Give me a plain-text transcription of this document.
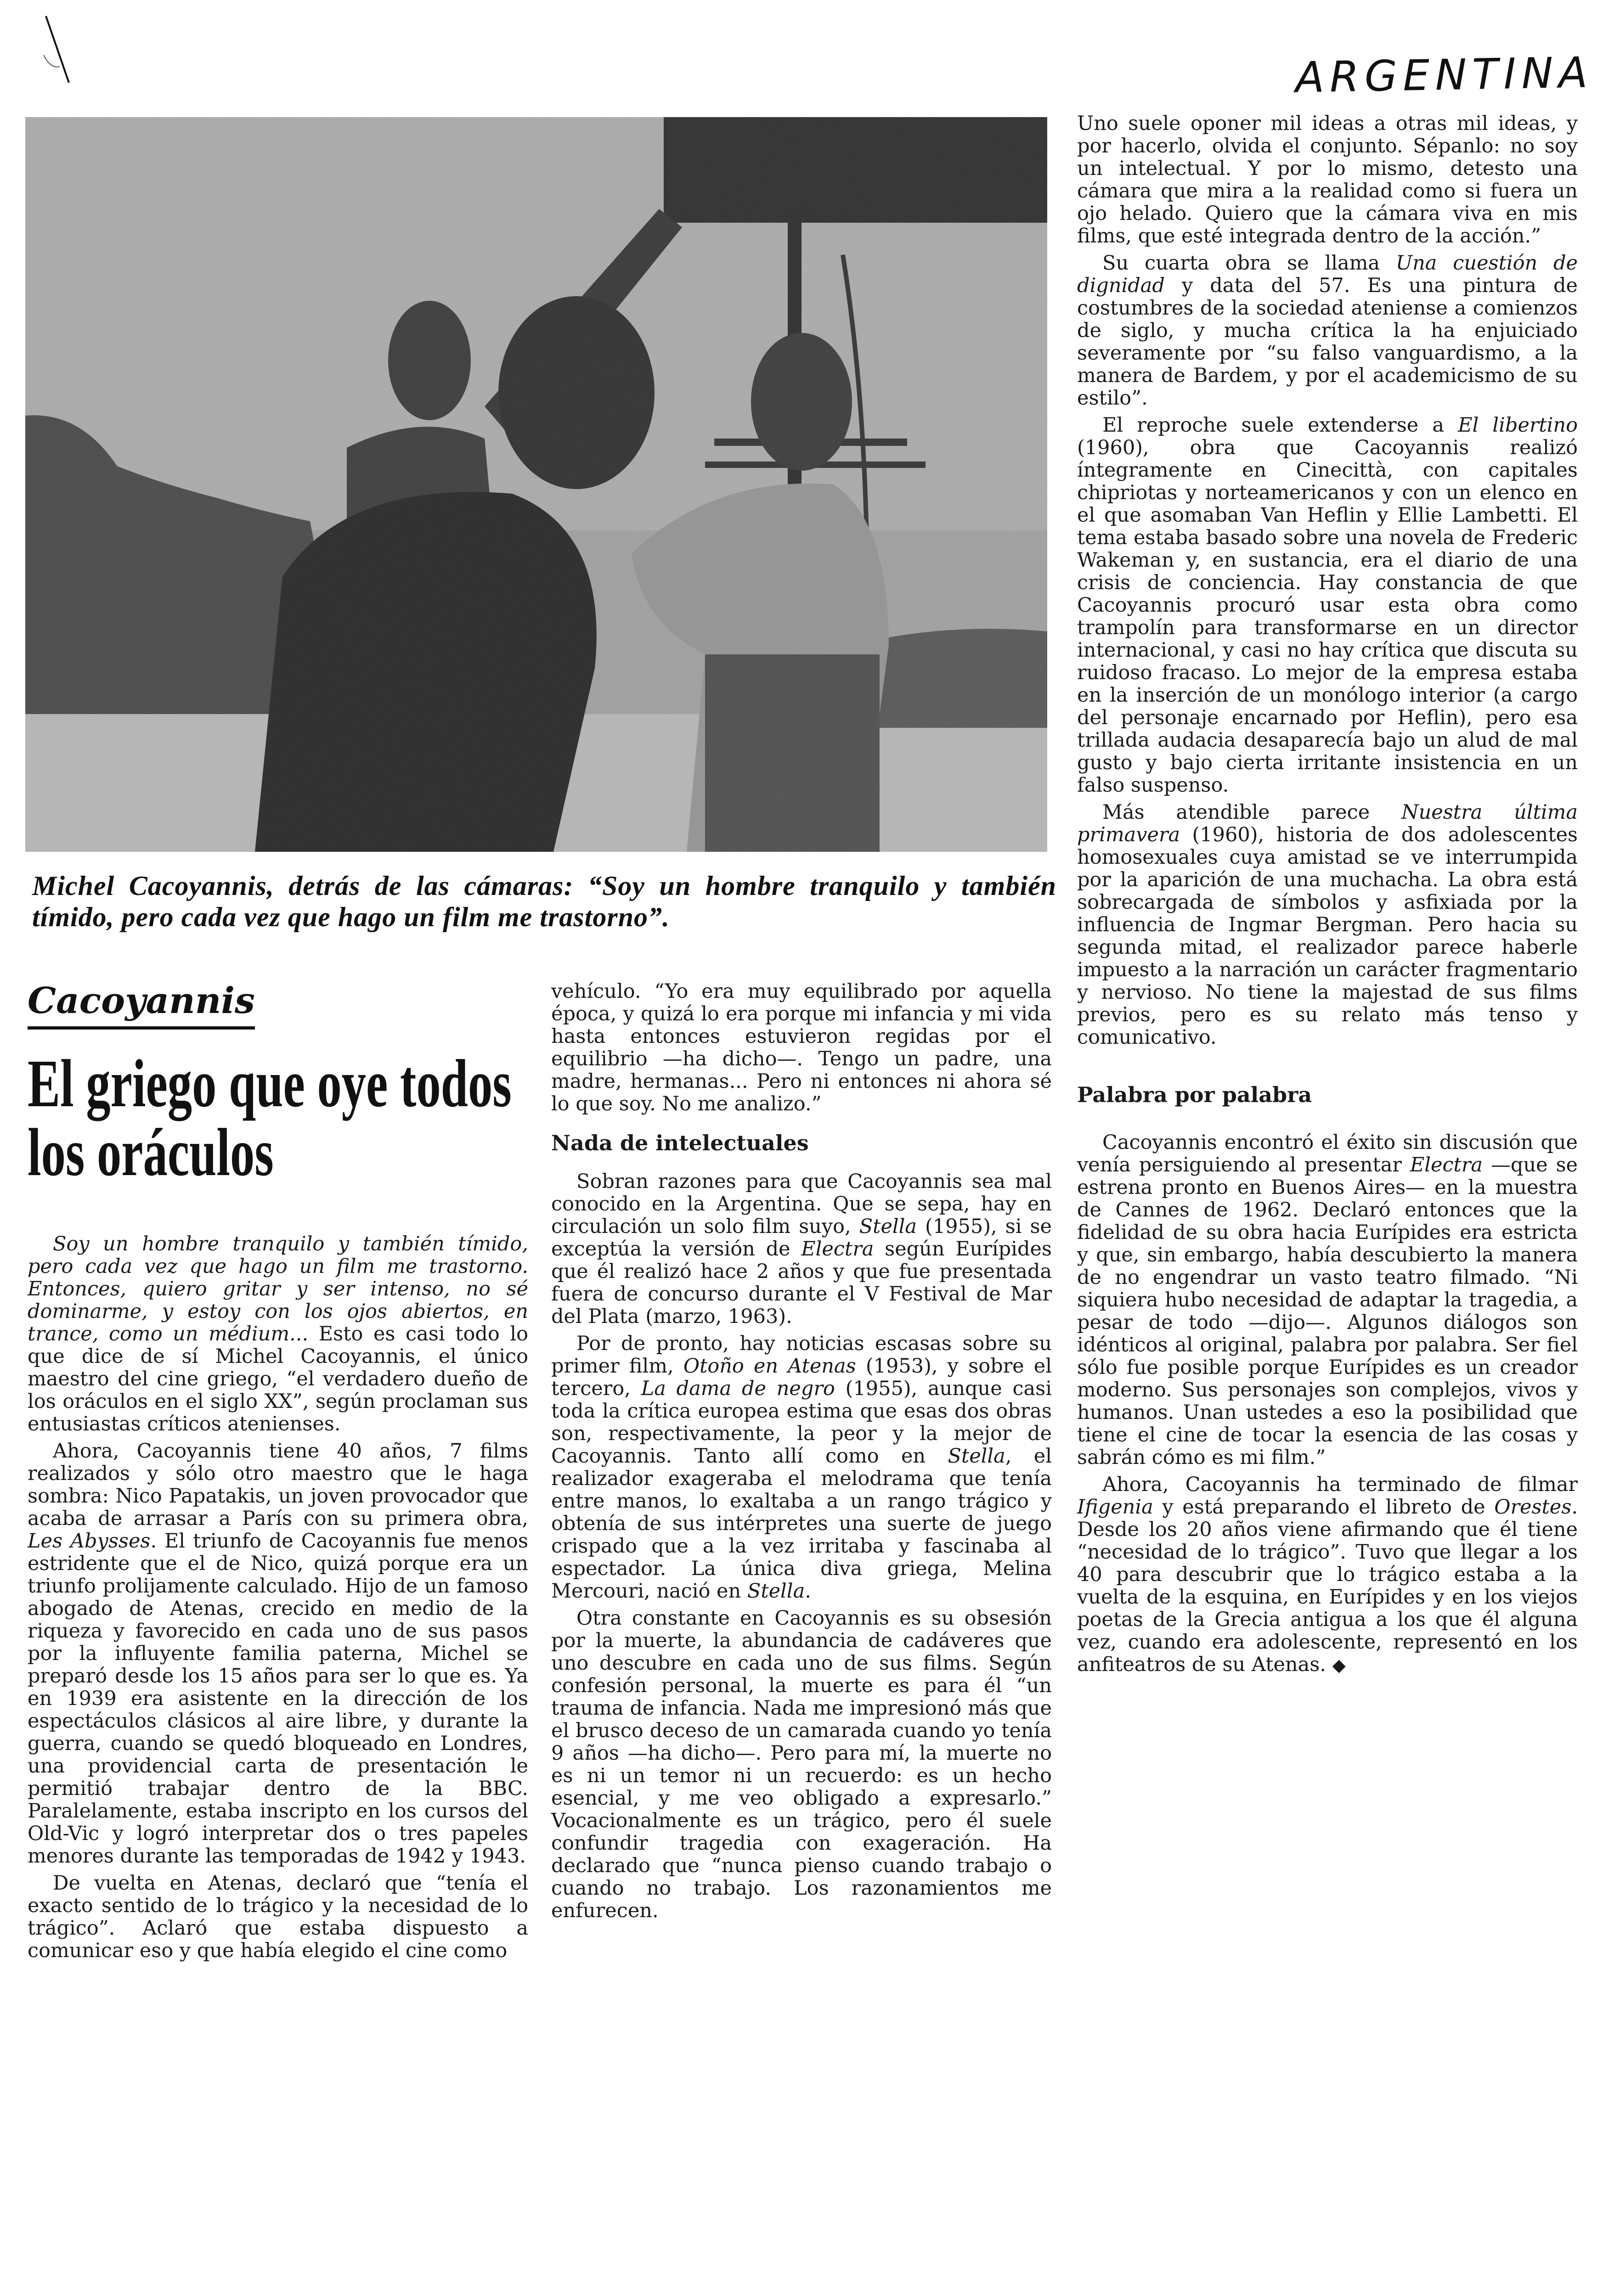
ARGENTINA
Michel Cacoyannis, detrás de las cámaras: “Soy un hombre tranquilo y también tímido, pero cada vez que hago un film me trastorno”.
Cacoyannis
El griego que oye todos los oráculos

Soy un hombre tranquilo y también tímido, pero cada vez que hago un film me trastorno. Entonces, quiero gritar y ser intenso, no sé dominarme, y estoy con los ojos abiertos, en trance, como un médium... Esto es casi todo lo que dice de sí Michel Cacoyannis, el único maestro del cine griego, “el verdadero dueño de los oráculos en el siglo XX”, según proclaman sus entusiastas críticos atenienses.

Ahora, Cacoyannis tiene 40 años, 7 films realizados y sólo otro maestro que le haga sombra: Nico Papatakis, un joven provocador que acaba de arrasar a París con su primera obra, Les Abysses. El triunfo de Cacoyannis fue menos estridente que el de Nico, quizá porque era un triunfo prolijamente calculado. Hijo de un famoso abogado de Atenas, crecido en medio de la riqueza y favorecido en cada uno de sus pasos por la influyente familia paterna, Michel se preparó desde los 15 años para ser lo que es. Ya en 1939 era asistente en la dirección de los espectáculos clásicos al aire libre, y durante la guerra, cuando se quedó bloqueado en Londres, una providencial carta de presentación le permitió trabajar dentro de la BBC. Paralelamente, estaba inscripto en los cursos del Old-Vic y logró interpretar dos o tres papeles menores durante las temporadas de 1942 y 1943.

De vuelta en Atenas, declaró que “tenía el exacto sentido de lo trágico y la necesidad de lo trágico”. Aclaró que estaba dispuesto a comunicar eso y que había elegido el cine como

vehículo. “Yo era muy equilibrado por aquella época, y quizá lo era porque mi infancia y mi vida hasta entonces estuvieron regidas por el equilibrio —ha dicho—. Tengo un padre, una madre, hermanas... Pero ni entonces ni ahora sé lo que soy. No me analizo.”

Nada de intelectuales

Sobran razones para que Cacoyannis sea mal conocido en la Argentina. Que se sepa, hay en circulación un solo film suyo, Stella (1955), si se exceptúa la versión de Electra según Eurípides que él realizó hace 2 años y que fue presentada fuera de concurso durante el V Festival de Mar del Plata (marzo, 1963).

Por de pronto, hay noticias escasas sobre su primer film, Otoño en Atenas (1953), y sobre el tercero, La dama de negro (1955), aunque casi toda la crítica europea estima que esas dos obras son, respectivamente, la peor y la mejor de Cacoyannis. Tanto allí como en Stella, el realizador exageraba el melodrama que tenía entre manos, lo exaltaba a un rango trágico y obtenía de sus intérpretes una suerte de juego crispado que a la vez irritaba y fascinaba al espectador. La única diva griega, Melina Mercouri, nació en Stella.

Otra constante en Cacoyannis es su obsesión por la muerte, la abundancia de cadáveres que uno descubre en cada uno de sus films. Según confesión personal, la muerte es para él “un trauma de infancia. Nada me impresionó más que el brusco deceso de un camarada cuando yo tenía 9 años —ha dicho—. Pero para mí, la muerte no es ni un temor ni un recuerdo: es un hecho esencial, y me veo obligado a expresarlo.” Vocacionalmente es un trágico, pero él suele confundir tragedia con exageración. Ha declarado que “nunca pienso cuando trabajo o cuando no trabajo. Los razonamientos me enfurecen.

Uno suele oponer mil ideas a otras mil ideas, y por hacerlo, olvida el conjunto. Sépanlo: no soy un intelectual. Y por lo mismo, detesto una cámara que mira a la realidad como si fuera un ojo helado. Quiero que la cámara viva en mis films, que esté integrada dentro de la acción.”

Su cuarta obra se llama Una cuestión de dignidad y data del 57. Es una pintura de costumbres de la sociedad ateniense a comienzos de siglo, y mucha crítica la ha enjuiciado severamente por “su falso vanguardismo, a la manera de Bardem, y por el academicismo de su estilo”.

El reproche suele extenderse a El libertino (1960), obra que Cacoyannis realizó íntegramente en Cinecittà, con capitales chipriotas y norteamericanos y con un elenco en el que asomaban Van Heflin y Ellie Lambetti. El tema estaba basado sobre una novela de Frederic Wakeman y, en sustancia, era el diario de una crisis de conciencia. Hay constancia de que Cacoyannis procuró usar esta obra como trampolín para transformarse en un director internacional, y casi no hay crítica que discuta su ruidoso fracaso. Lo mejor de la empresa estaba en la inserción de un monólogo interior (a cargo del personaje encarnado por Heflin), pero esa trillada audacia desaparecía bajo un alud de mal gusto y bajo cierta irritante insistencia en un falso suspenso.

Más atendible parece Nuestra última primavera (1960), historia de dos adolescentes homosexuales cuya amistad se ve interrumpida por la aparición de una muchacha. La obra está sobrecargada de símbolos y asfixiada por la influencia de Ingmar Bergman. Pero hacia su segunda mitad, el realizador parece haberle impuesto a la narración un carácter fragmentario y nervioso. No tiene la majestad de sus films previos, pero es su relato más tenso y comunicativo.

Palabra por palabra

Cacoyannis encontró el éxito sin discusión que venía persiguiendo al presentar Electra —que se estrena pronto en Buenos Aires— en la muestra de Cannes de 1962. Declaró entonces que la fidelidad de su obra hacia Eurípides era estricta y que, sin embargo, había descubierto la manera de no engendrar un vasto teatro filmado. “Ni siquiera hubo necesidad de adaptar la tragedia, a pesar de todo —dijo—. Algunos diálogos son idénticos al original, palabra por palabra. Ser fiel sólo fue posible porque Eurípides es un creador moderno. Sus personajes son complejos, vivos y humanos. Unan ustedes a eso la posibilidad que tiene el cine de tocar la esencia de las cosas y sabrán cómo es mi film.”

Ahora, Cacoyannis ha terminado de filmar Ifigenia y está preparando el libreto de Orestes. Desde los 20 años viene afirmando que él tiene “necesidad de lo trágico”. Tuvo que llegar a los 40 para descubrir que lo trágico estaba a la vuelta de la esquina, en Eurípides y en los viejos poetas de la Grecia antigua a los que él alguna vez, cuando era adolescente, representó en los anfiteatros de su Atenas. ◆
